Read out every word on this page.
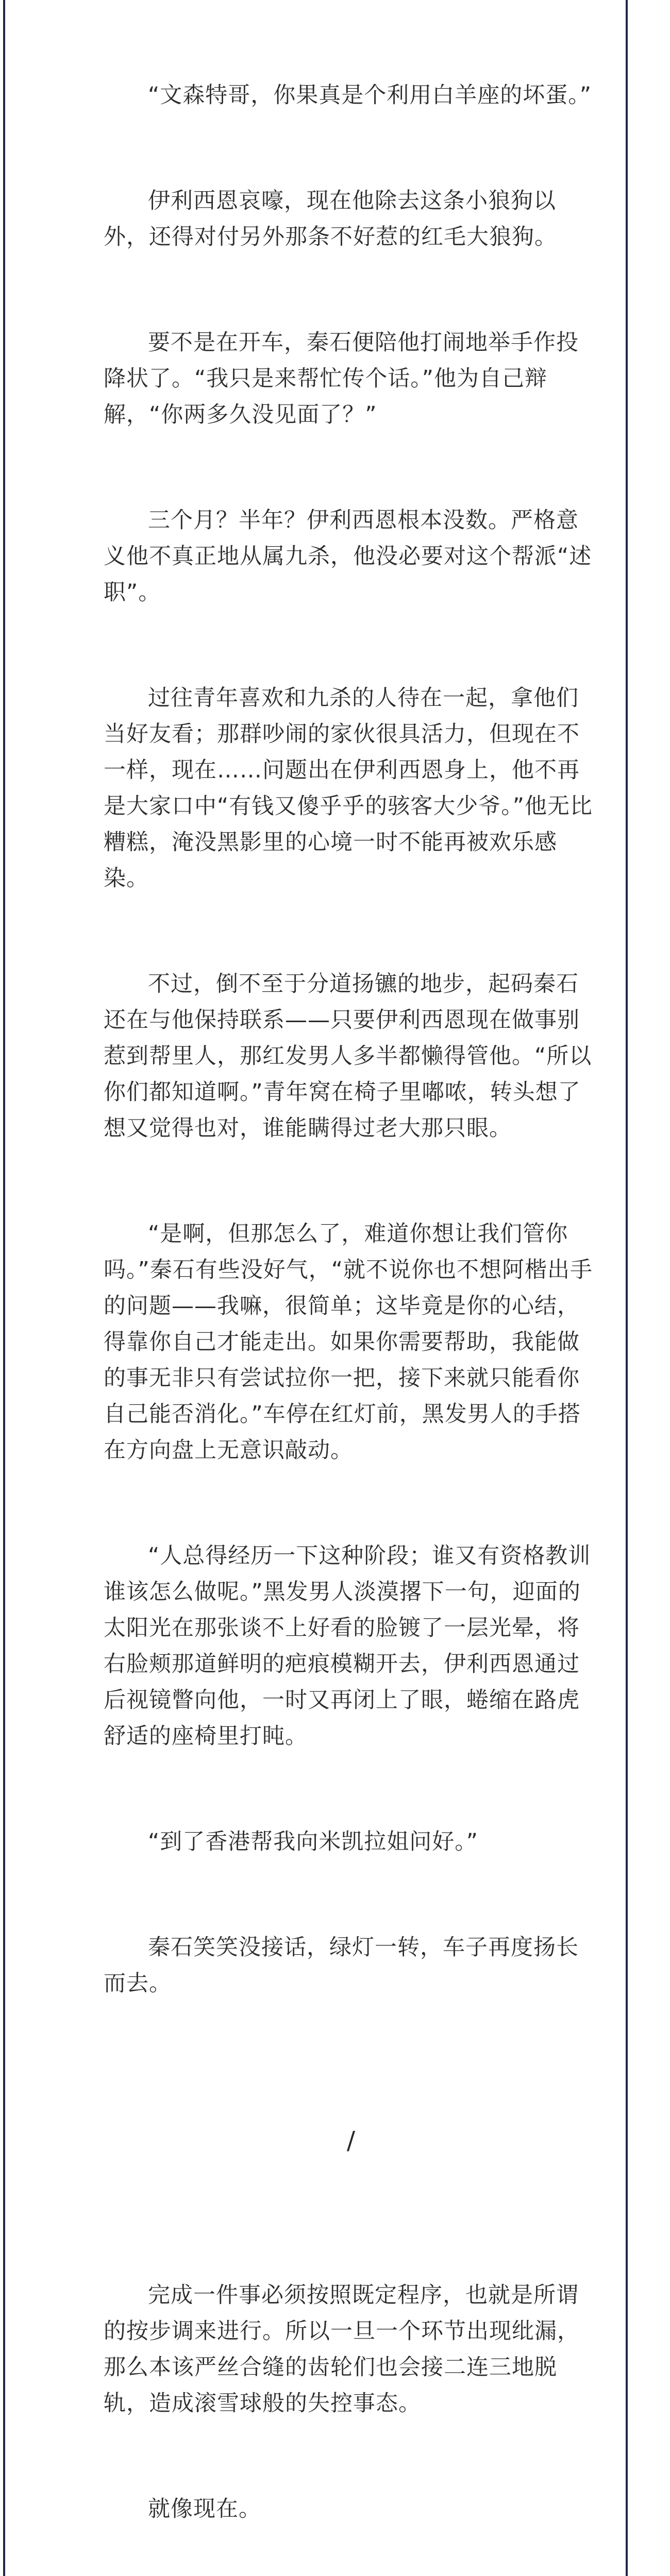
“文森特哥，你果真是个利用白羊座的坏蛋。”

伊利西恩哀嚎，现在他除去这条小狼狗以外，还得对付另外那条不好惹的红毛大狼狗。

要不是在开车，秦石便陪他打闹地举手作投降状了。“我只是来帮忙传个话。”他为自己辩解，“你两多久没见面了？”

三个月？半年？伊利西恩根本没数。严格意义他不真正地从属九杀，他没必要对这个帮派“述职”。

过往青年喜欢和九杀的人待在一起，拿他们当好友看；那群吵闹的家伙很具活力，但现在不一样，现在……问题出在伊利西恩身上，他不再是大家口中“有钱又傻乎乎的骇客大少爷。”他无比糟糕，淹没黑影里的心境一时不能再被欢乐感染。

不过，倒不至于分道扬镳的地步，起码秦石还在与他保持联系——只要伊利西恩现在做事别惹到帮里人，那红发男人多半都懒得管他。“所以你们都知道啊。”青年窝在椅子里嘟哝，转头想了想又觉得也对，谁能瞒得过老大那只眼。

“是啊，但那怎么了，难道你想让我们管你吗。”秦石有些没好气，“就不说你也不想阿楷出手的问题——我嘛，很简单；这毕竟是你的心结，得靠你自己才能走出。如果你需要帮助，我能做的事无非只有尝试拉你一把，接下来就只能看你自己能否消化。”车停在红灯前，黑发男人的手搭在方向盘上无意识敲动。

“人总得经历一下这种阶段；谁又有资格教训谁该怎么做呢。”黑发男人淡漠撂下一句，迎面的太阳光在那张谈不上好看的脸镀了一层光晕，将右脸颊那道鲜明的疤痕模糊开去，伊利西恩通过后视镜瞥向他，一时又再闭上了眼，蜷缩在路虎舒适的座椅里打盹。

“到了香港帮我向米凯拉姐问好。”

秦石笑笑没接话，绿灯一转，车子再度扬长而去。

/

完成一件事必须按照既定程序，也就是所谓的按步调来进行。所以一旦一个环节出现纰漏，那么本该严丝合缝的齿轮们也会接二连三地脱轨，造成滚雪球般的失控事态。

就像现在。
